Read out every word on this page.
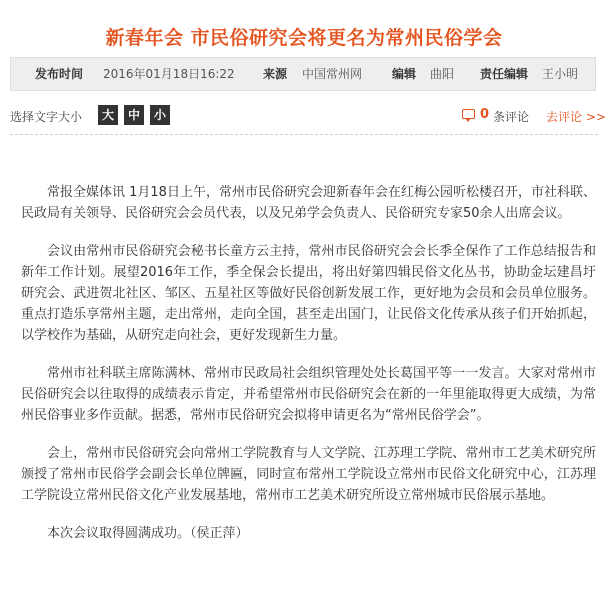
新春年会 市民俗研究会将更名为常州民俗学会
发布时间 2016年01月18日16:22 来源 中国常州网 编辑 曲阳 责任编辑 王小明
选择文字大小	大	中	小	0 条评论 去评论 >>

常报全媒体讯 1月18日上午，常州市民俗研究会迎新春年会在红梅公园听松楼召开，市社科联、民政局有关领导、民俗研究会会员代表，以及兄弟学会负责人、民俗研究专家50余人出席会议。

会议由常州市民俗研究会秘书长童方云主持，常州市民俗研究会会长季全保作了工作总结报告和新年工作计划。展望2016年工作，季全保会长提出，将出好第四辑民俗文化丛书，协助金坛建昌圩研究会、武进贺北社区、邹区、五星社区等做好民俗创新发展工作，更好地为会员和会员单位服务。重点打造乐享常州主题，走出常州，走向全国，甚至走出国门，让民俗文化传承从孩子们开始抓起，以学校作为基础，从研究走向社会，更好发现新生力量。

常州市社科联主席陈满林、常州市民政局社会组织管理处处长葛国平等一一发言。大家对常州市民俗研究会以往取得的成绩表示肯定，并希望常州市民俗研究会在新的一年里能取得更大成绩，为常州民俗事业多作贡献。据悉，常州市民俗研究会拟将申请更名为“常州民俗学会”。

会上，常州市民俗研究会向常州工学院教育与人文学院、江苏理工学院、常州市工艺美术研究所颁授了常州市民俗学会副会长单位牌匾，同时宣布常州工学院设立常州市民俗文化研究中心，江苏理工学院设立常州民俗文化产业发展基地，常州市工艺美术研究所设立常州城市民俗展示基地。

本次会议取得圆满成功。（侯正萍）
